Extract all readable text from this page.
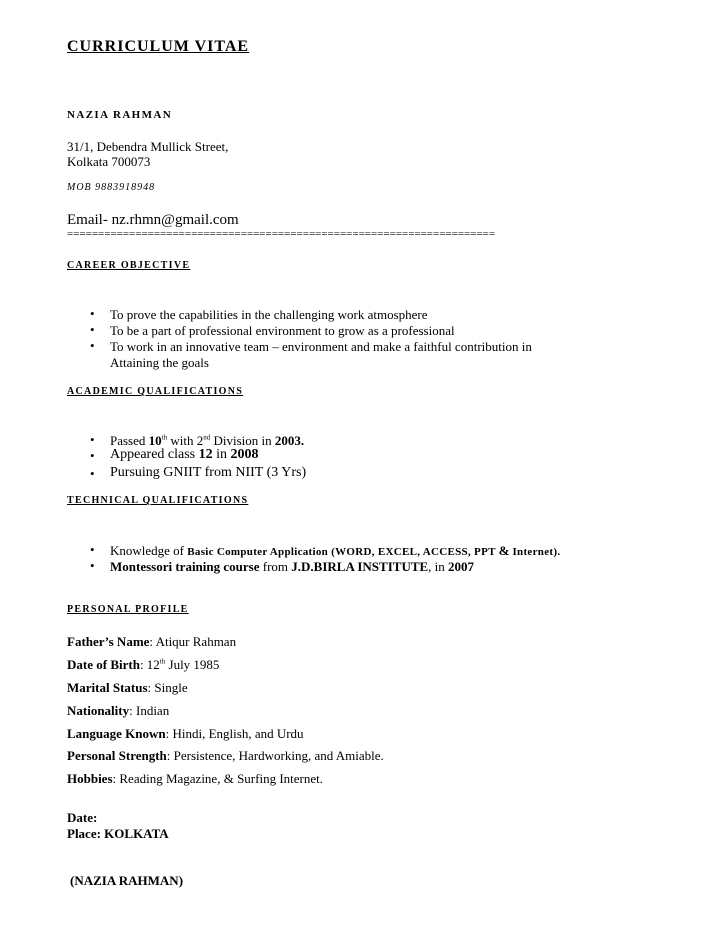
CURRICULUM VITAE
NAZIA RAHMAN
31/1, Debendra Mullick Street,
Kolkata 700073
MOB 9883918948
Email- nz.rhmn@gmail.com
=====================================================================
CAREER OBJECTIVE
• To prove the capabilities in the challenging work atmosphere
• To be a part of professional environment to grow as a professional
• To work in an innovative team – environment and make a faithful contribution in
Attaining the goals
ACADEMIC QUALIFICATIONS
• Passed 10th with 2nd Division in 2003.
• Appeared class 12 in 2008
• Pursuing GNIIT from NIIT (3 Yrs)
TECHNICAL QUALIFICATIONS
• Knowledge of Basic Computer Application (WORD, EXCEL, ACCESS, PPT & Internet).
• Montessori training course from J.D.BIRLA INSTITUTE, in 2007
PERSONAL PROFILE
Father’s Name: Atiqur Rahman
Date of Birth: 12th July 1985
Marital Status: Single
Nationality: Indian
Language Known: Hindi, English, and Urdu
Personal Strength: Persistence, Hardworking, and Amiable.
Hobbies: Reading Magazine, & Surfing Internet.
Date:
Place: KOLKATA
(NAZIA RAHMAN)
